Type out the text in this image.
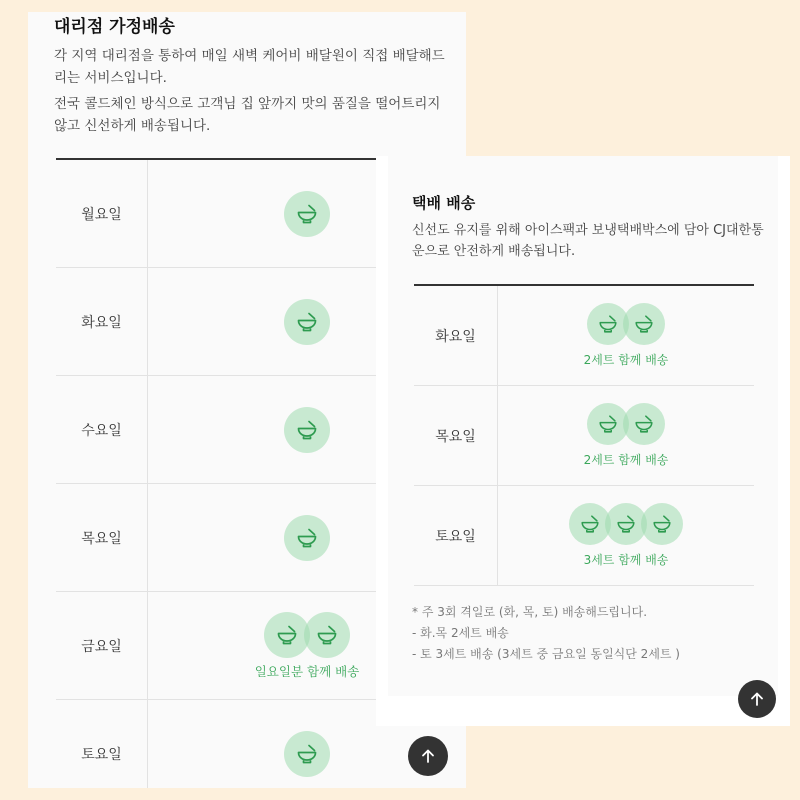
대리점 가정배송
각 지역 대리점을 통하여 매일 새벽 케어비 배달원이 직접 배달해드리는 서비스입니다.
전국 콜드체인 방식으로 고객님 집 앞까지 맛의 품질을 떨어트리지 않고 신선하게 배송됩니다.
월요일
화요일
수요일
목요일
금요일
일요일분 함께 배송
토요일
택배 배송
신선도 유지를 위해 아이스팩과 보냉택배박스에 담아 CJ대한통운으로 안전하게 배송됩니다.
화요일
2세트 함께 배송
목요일
2세트 함께 배송
토요일
3세트 함께 배송
* 주 3회 격일로 (화, 목, 토) 배송해드립니다.
- 화.목 2세트 배송
- 토 3세트 배송 (3세트 중 금요일 동일식단 2세트 )
